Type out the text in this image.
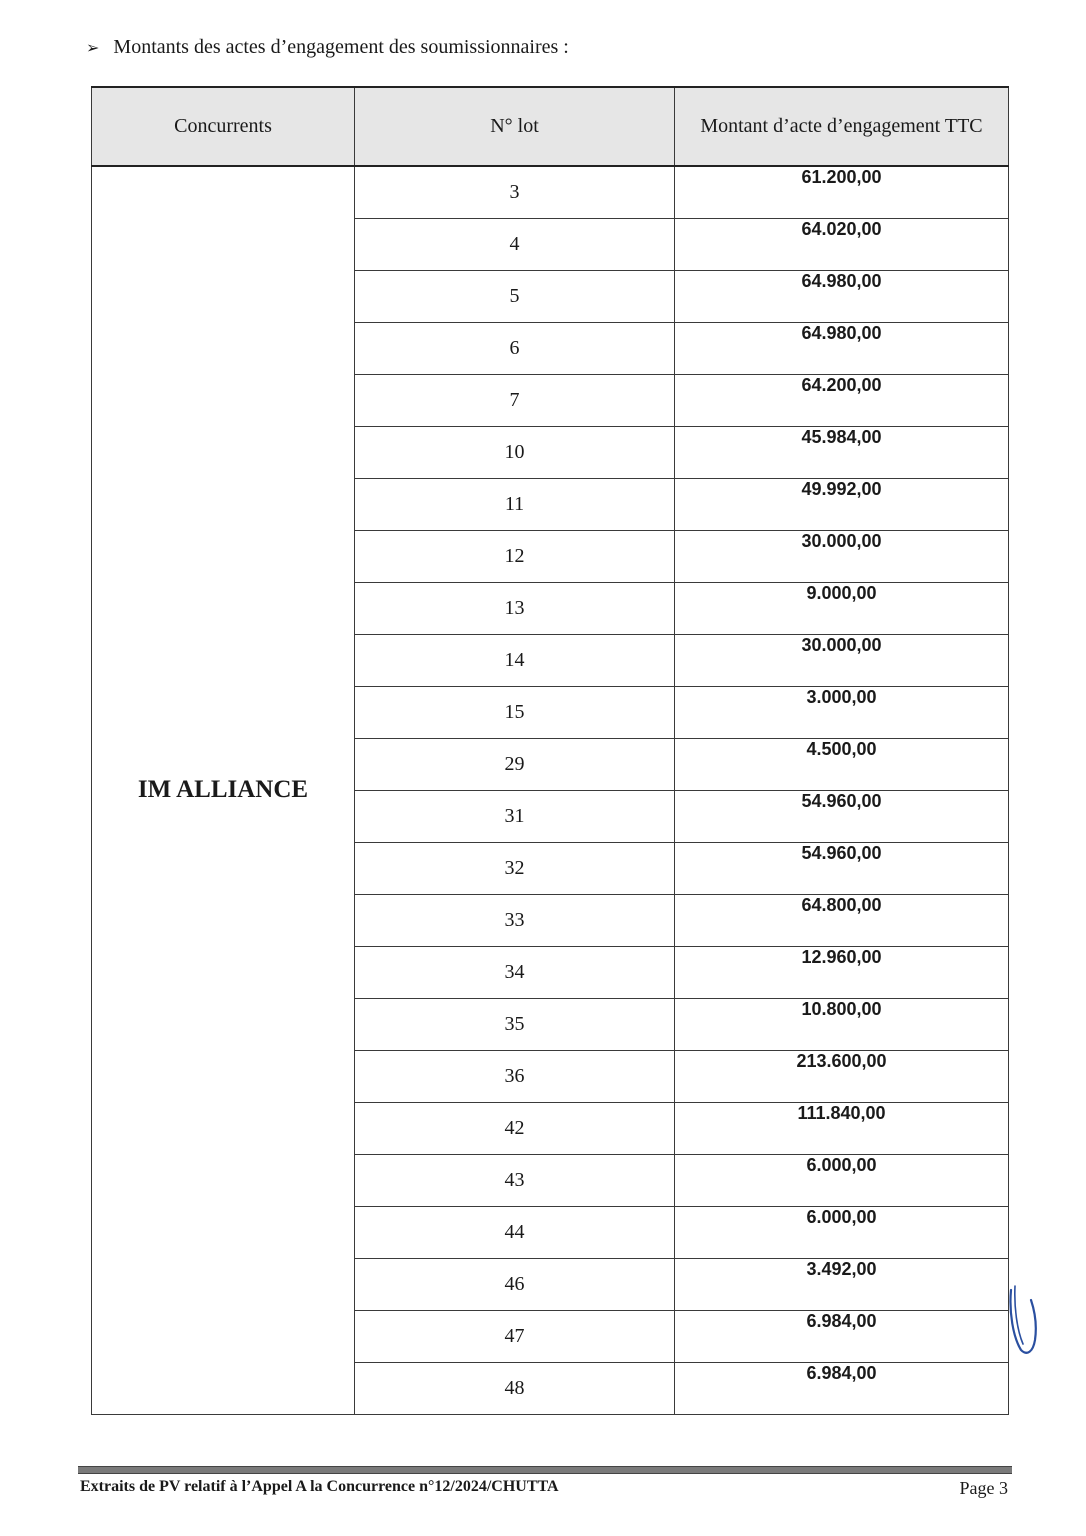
➢ Montants des actes d’engagement des soumissionnaires :
Concurrents	N° lot	Montant d’acte d’engagement TTC
IM ALLIANCE	3	61.200,00
	4	64.020,00
	5	64.980,00
	6	64.980,00
	7	64.200,00
	10	45.984,00
	11	49.992,00
	12	30.000,00
	13	9.000,00
	14	30.000,00
	15	3.000,00
	29	4.500,00
	31	54.960,00
	32	54.960,00
	33	64.800,00
	34	12.960,00
	35	10.800,00
	36	213.600,00
	42	111.840,00
	43	6.000,00
	44	6.000,00
	46	3.492,00
	47	6.984,00
	48	6.984,00
Extraits de PV relatif à l’Appel A la Concurrence n°12/2024/CHUTTA	Page 3
